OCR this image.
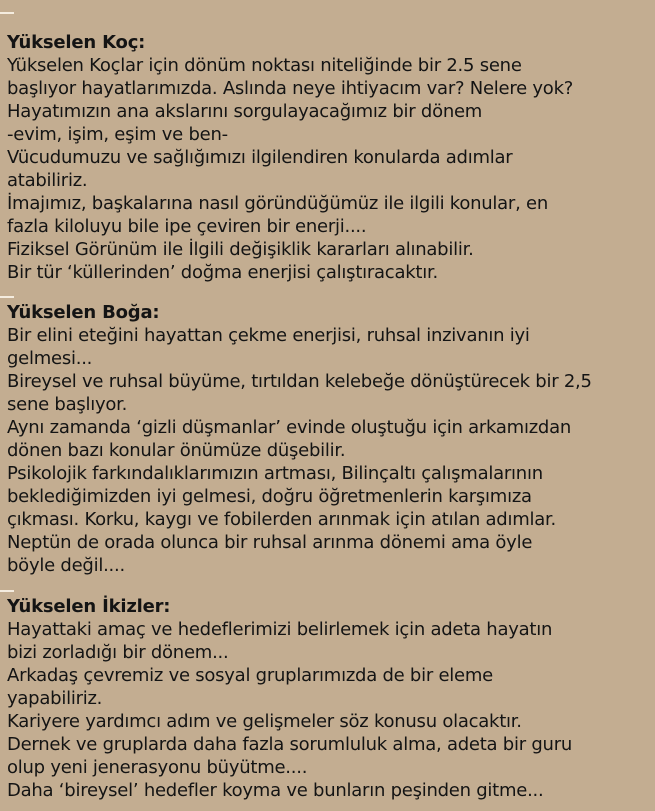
Yükselen Koç:
Yükselen Koçlar için dönüm noktası niteliğinde bir 2.5 sene
başlıyor hayatlarımızda. Aslında neye ihtiyacım var? Nelere yok?
Hayatımızın ana akslarını sorgulayacağımız bir dönem
-evim, işim, eşim ve ben-
Vücudumuzu ve sağlığımızı ilgilendiren konularda adımlar
atabiliriz.
İmajımız, başkalarına nasıl göründüğümüz ile ilgili konular, en
fazla kiloluyu bile ipe çeviren bir enerji....
Fiziksel Görünüm ile İlgili değişiklik kararları alınabilir.
Bir tür ‘küllerinden’ doğma enerjisi çalıştıracaktır.
Yükselen Boğa:
Bir elini eteğini hayattan çekme enerjisi, ruhsal inzivanın iyi
gelmesi...
Bireysel ve ruhsal büyüme, tırtıldan kelebeğe dönüştürecek bir 2,5
sene başlıyor.
Aynı zamanda ‘gizli düşmanlar’ evinde oluştuğu için arkamızdan
dönen bazı konular önümüze düşebilir.
Psikolojik farkındalıklarımızın artması, Bilinçaltı çalışmalarının
beklediğimizden iyi gelmesi, doğru öğretmenlerin karşımıza
çıkması. Korku, kaygı ve fobilerden arınmak için atılan adımlar.
Neptün de orada olunca bir ruhsal arınma dönemi ama öyle
böyle değil....
Yükselen İkizler:
Hayattaki amaç ve hedeflerimizi belirlemek için adeta hayatın
bizi zorladığı bir dönem...
Arkadaş çevremiz ve sosyal gruplarımızda de bir eleme
yapabiliriz.
Kariyere yardımcı adım ve gelişmeler söz konusu olacaktır.
Dernek ve gruplarda daha fazla sorumluluk alma, adeta bir guru
olup yeni jenerasyonu büyütme....
Daha ‘bireysel’ hedefler koyma ve bunların peşinden gitme...
